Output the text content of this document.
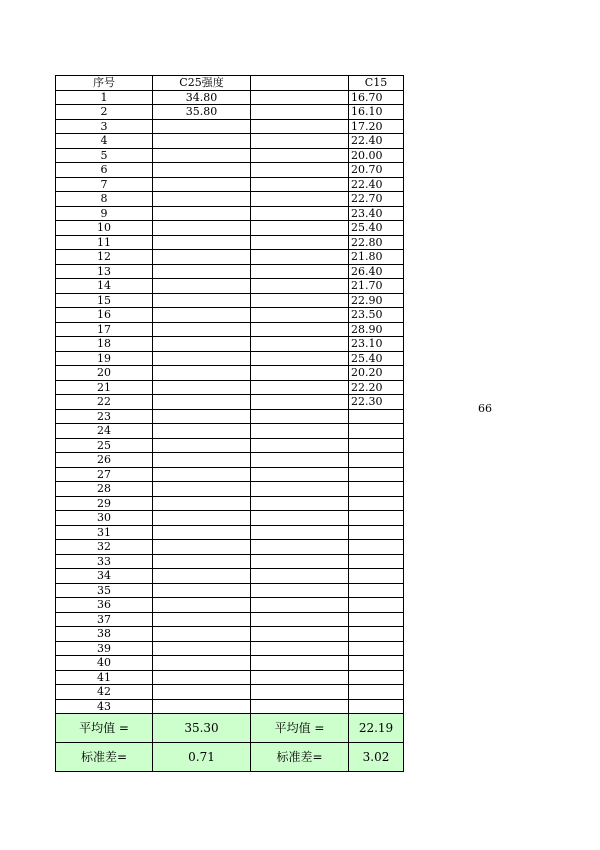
序号	C25强度		C15
1	34.80		16.70
2	35.80		16.10
3			17.20
4			22.40
5			20.00
6			20.70
7			22.40
8			22.70
9			23.40
10			25.40
11			22.80
12			21.80
13			26.40
14			21.70
15			22.90
16			23.50
17			28.90
18			23.10
19			25.40
20			20.20
21			22.20
22			22.30
23			
24			
25			
26			
27			
28			
29			
30			
31			
32			
33			
34			
35			
36			
37			
38			
39			
40			
41			
42			
43			
平均值 =	35.30	平均值 =	22.19
标准差=	0.71	标准差=	3.02
66
